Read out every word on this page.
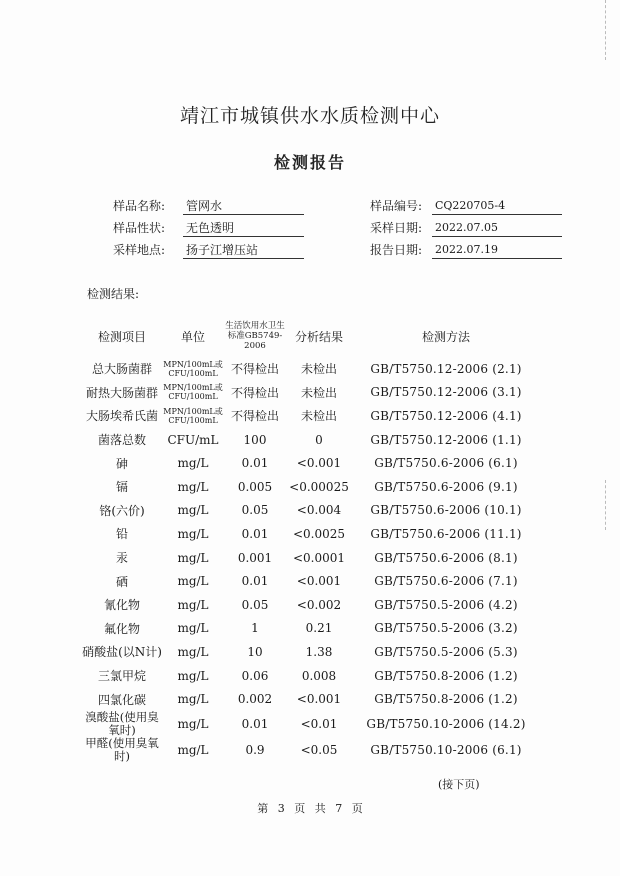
靖江市城镇供水水质检测中心
检测报告
样品名称: 管网水	样品编号: CQ220705-4
样品性状: 无色透明	采样日期: 2022.07.05
采样地点: 扬子江增压站	报告日期: 2022.07.19
检测结果:
检测项目	单位	生活饮用水卫生标准GB5749-2006	分析结果	检测方法
总大肠菌群	MPN/100mL或CFU/100mL	不得检出	未检出	GB/T5750.12-2006 (2.1)
耐热大肠菌群	MPN/100mL或CFU/100mL	不得检出	未检出	GB/T5750.12-2006 (3.1)
大肠埃希氏菌	MPN/100mL或CFU/100mL	不得检出	未检出	GB/T5750.12-2006 (4.1)
菌落总数	CFU/mL	100	0	GB/T5750.12-2006 (1.1)
砷	mg/L	0.01	<0.001	GB/T5750.6-2006 (6.1)
镉	mg/L	0.005	<0.00025	GB/T5750.6-2006 (9.1)
铬(六价)	mg/L	0.05	<0.004	GB/T5750.6-2006 (10.1)
铅	mg/L	0.01	<0.0025	GB/T5750.6-2006 (11.1)
汞	mg/L	0.001	<0.0001	GB/T5750.6-2006 (8.1)
硒	mg/L	0.01	<0.001	GB/T5750.6-2006 (7.1)
氰化物	mg/L	0.05	<0.002	GB/T5750.5-2006 (4.2)
氟化物	mg/L	1	0.21	GB/T5750.5-2006 (3.2)
硝酸盐(以N计)	mg/L	10	1.38	GB/T5750.5-2006 (5.3)
三氯甲烷	mg/L	0.06	0.008	GB/T5750.8-2006 (1.2)
四氯化碳	mg/L	0.002	<0.001	GB/T5750.8-2006 (1.2)

溴酸盐(使用臭氧时)	mg/L	0.01	<0.01	GB/T5750.10-2006 (14.2)

甲醛(使用臭氧时)	mg/L	0.9	<0.05	GB/T5750.10-2006 (6.1)
(接下页)
第 3 页 共 7 页
